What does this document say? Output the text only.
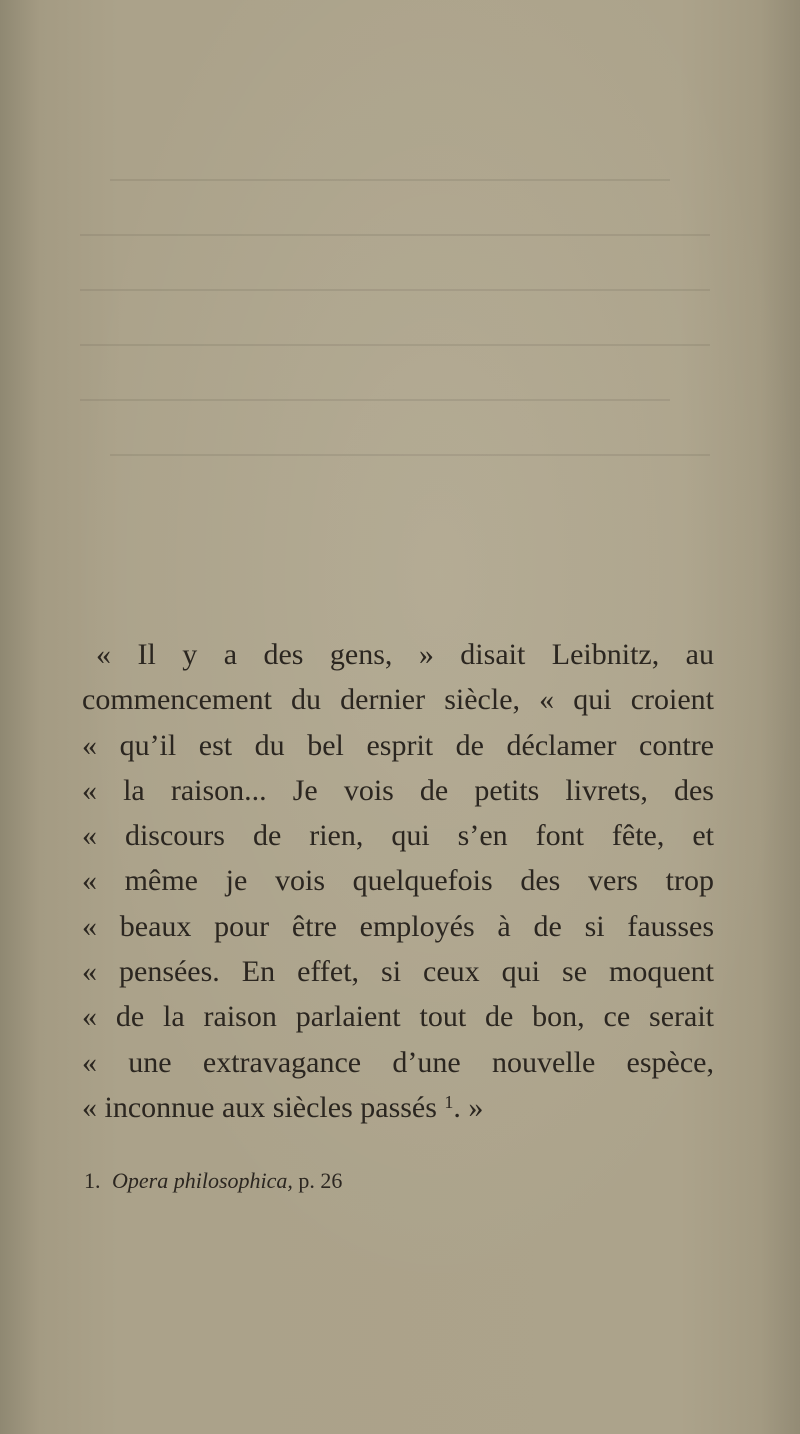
« Il y a des gens, » disait Leibnitz, au
commencement du dernier siècle, « qui croient
« qu’il est du bel esprit de déclamer contre
« la raison... Je vois de petits livrets, des
« discours de rien, qui s’en font fête, et
« même je vois quelquefois des vers trop
« beaux pour être employés à de si fausses
« pensées. En effet, si ceux qui se moquent
« de la raison parlaient tout de bon, ce serait
« une extravagance d’une nouvelle espèce,
« inconnue aux siècles passés $^1$. »
1. Opera philosophica, p. 26
